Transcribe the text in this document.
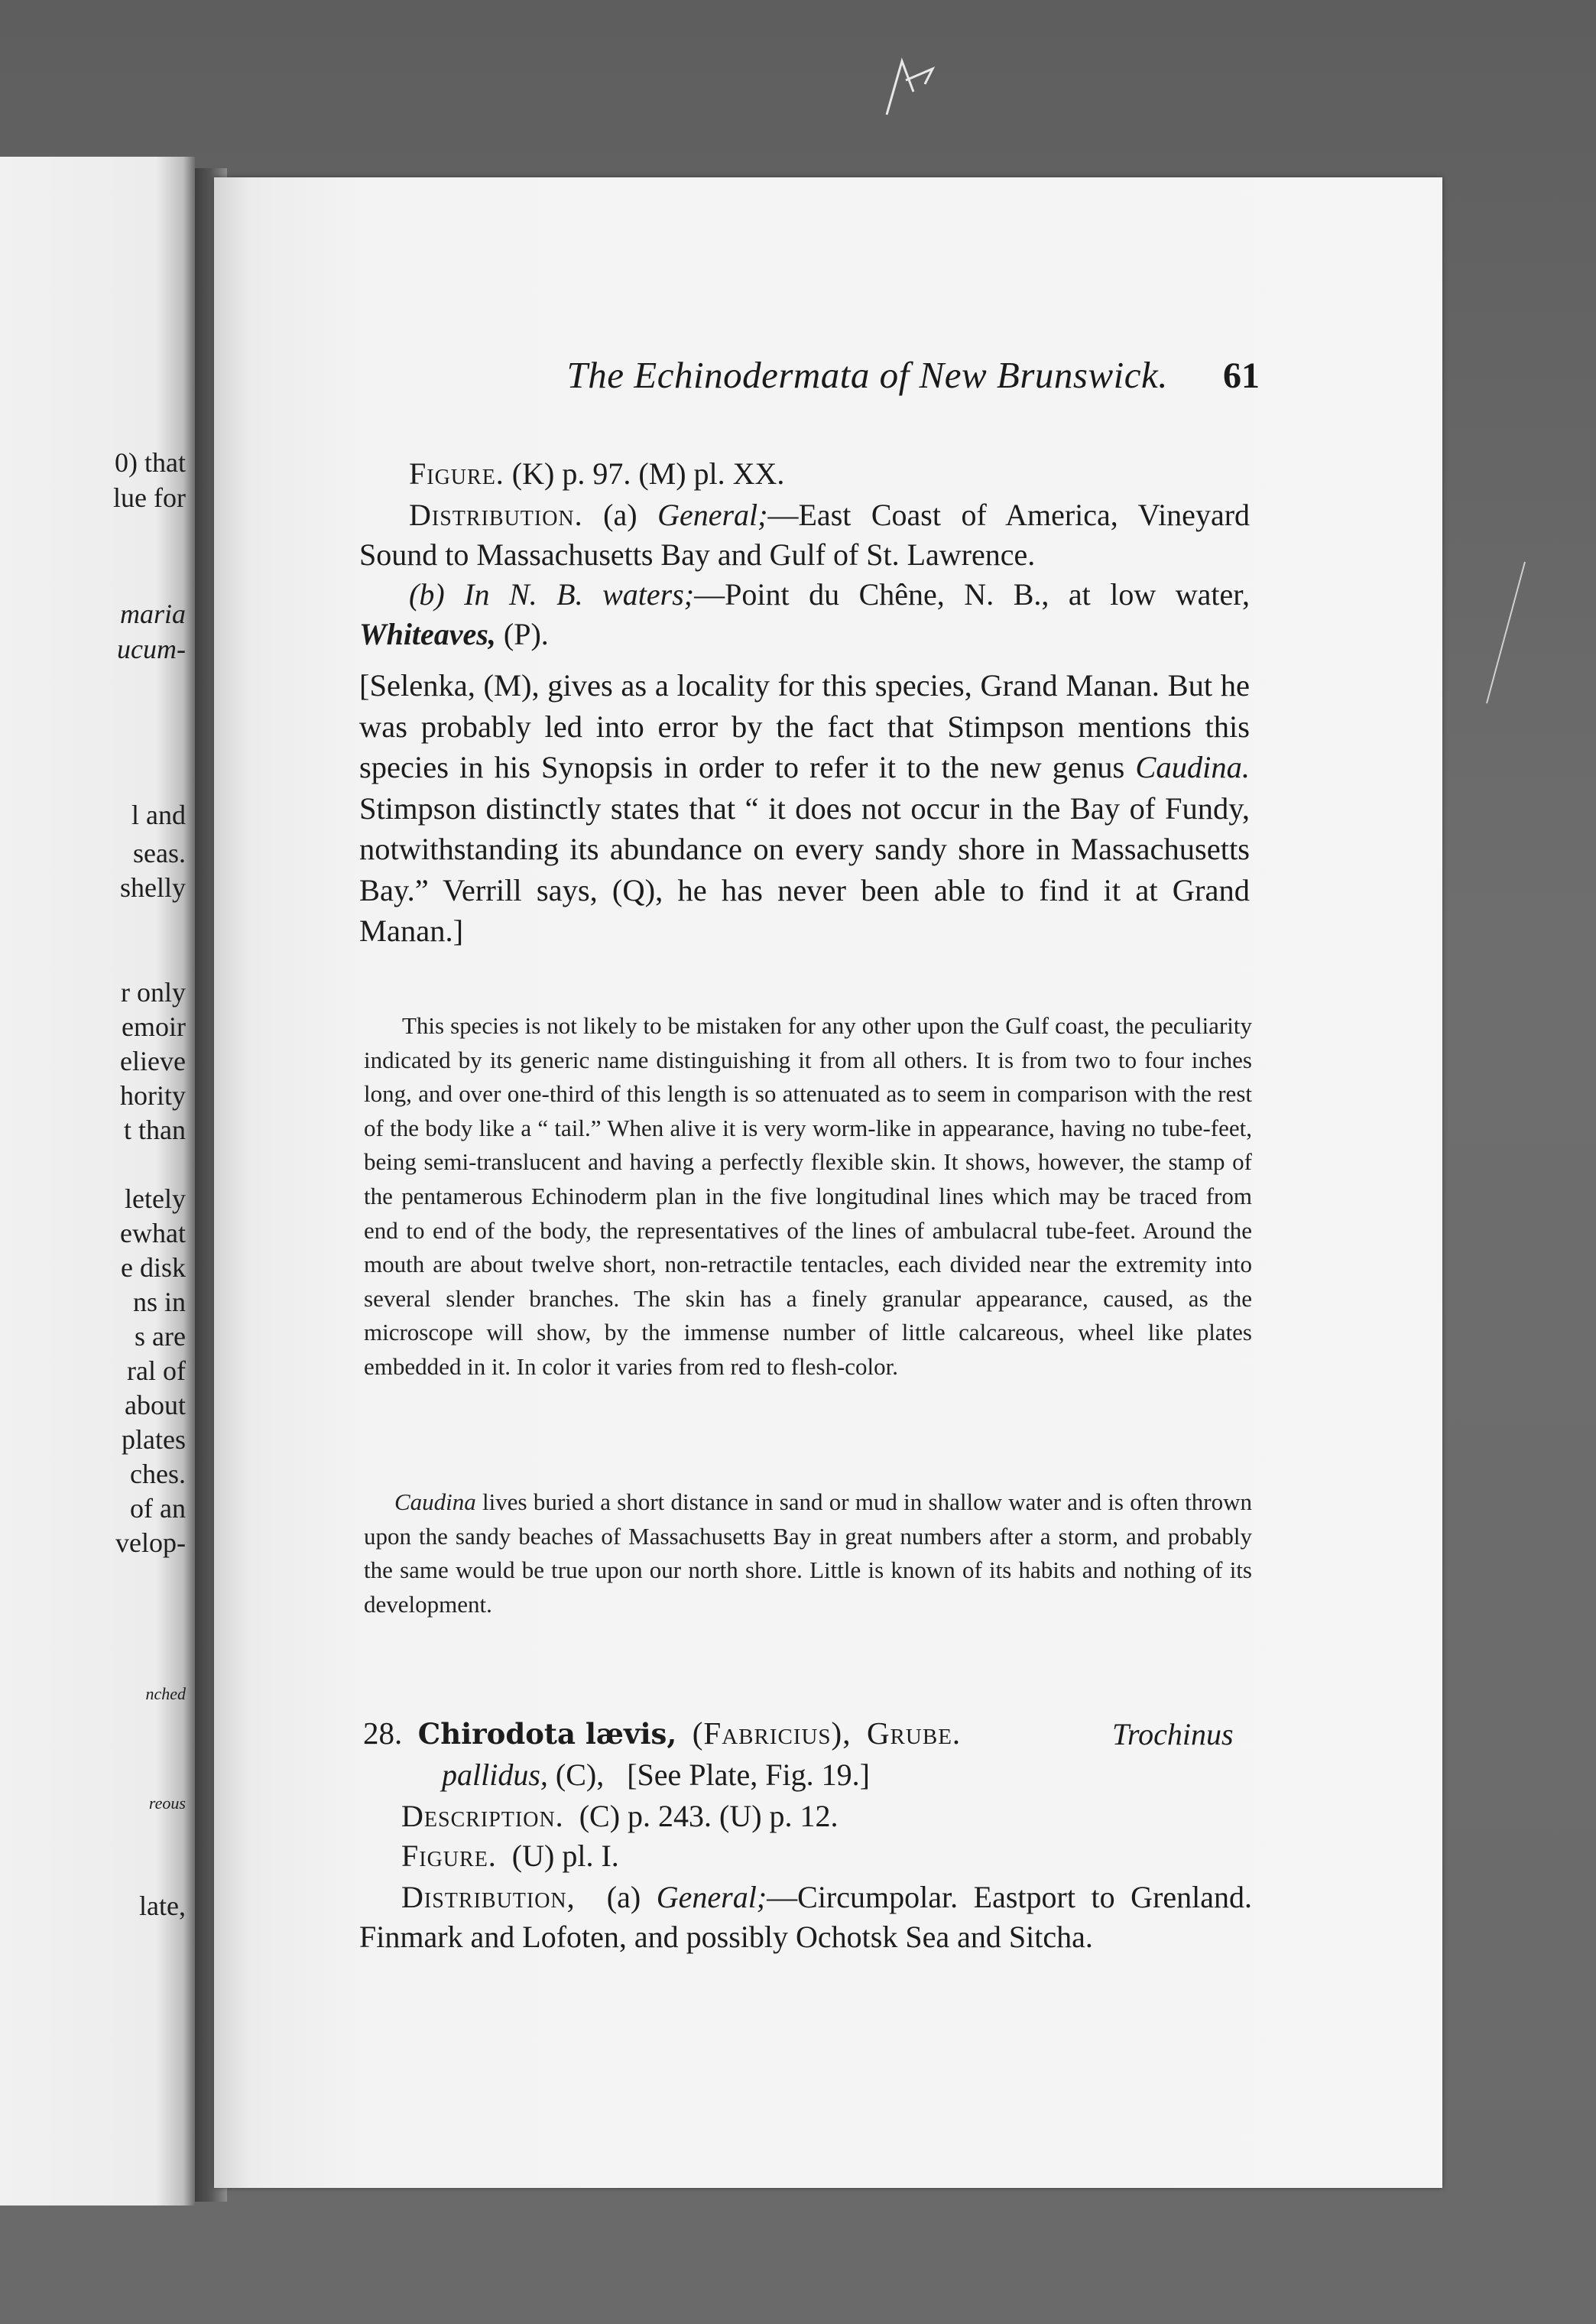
0) that
lue for
maria
ucum-
l and
seas.
shelly
r only
emoir
elieve
hority
t than
letely
ewhat
e disk
ns in
s are
ral of
about
plates
ches.
of an
velop-
nched
reous
late,
The Echinodermata of New Brunswick. 61
Figure. (K) p. 97. (M) pl. XX.
Distribution. (a) General;—East Coast of America, Vineyard Sound to Massachusetts Bay and Gulf of St. Lawrence.
(b) In N. B. waters;—Point du Chêne, N. B., at low water, Whiteaves, (P).
[Selenka, (M), gives as a locality for this species, Grand Manan. But he was probably led into error by the fact that Stimpson mentions this species in his Synopsis in order to refer it to the new genus Caudina. Stimpson distinctly states that “ it does not occur in the Bay of Fundy, notwithstanding its abundance on every sandy shore in Massachusetts Bay.” Verrill says, (Q), he has never been able to find it at Grand Manan.]

This species is not likely to be mistaken for any other upon the Gulf coast, the peculiarity indicated by its generic name distinguishing it from all others. It is from two to four inches long, and over one-third of this length is so attenuated as to seem in comparison with the rest of the body like a “ tail.” When alive it is very worm-like in appearance, having no tube-feet, being semi-translucent and having a perfectly flexible skin. It shows, however, the stamp of the pentamerous Echinoderm plan in the five longitudinal lines which may be traced from end to end of the body, the representatives of the lines of ambulacral tube-feet. Around the mouth are about twelve short, non-retractile tentacles, each divided near the extremity into several slender branches. The skin has a finely granular appearance, caused, as the microscope will show, by the immense number of little calcareous, wheel like plates embedded in it. In color it varies from red to flesh-color.

Caudina lives buried a short distance in sand or mud in shallow water and is often thrown upon the sandy beaches of Massachusetts Bay in great numbers after a storm, and probably the same would be true upon our north shore. Little is known of its habits and nothing of its development.

28. Chirodota lævis, (Fabricius), Grube.	Trochinus
pallidus, (C), [See Plate, Fig. 19.]
Description. (C) p. 243. (U) p. 12.
Figure. (U) pl. I.
Distribution, (a) General;—Circumpolar. Eastport to Grenland. Finmark and Lofoten, and possibly Ochotsk Sea and Sitcha.
